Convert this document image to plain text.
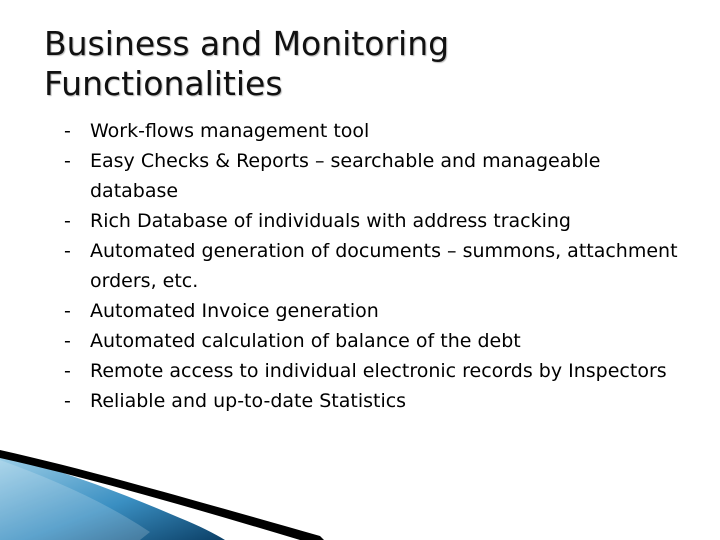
Business and Monitoring
Functionalities
-	Work-flows management tool
-	Easy Checks & Reports – searchable and manageable database
-	Rich Database of individuals with address tracking
-	Automated generation of documents – summons, attachment orders, etc.
-	Automated Invoice generation
-	Automated calculation of balance of the debt
-	Remote access to individual electronic records by Inspectors
-	Reliable and up-to-date Statistics
